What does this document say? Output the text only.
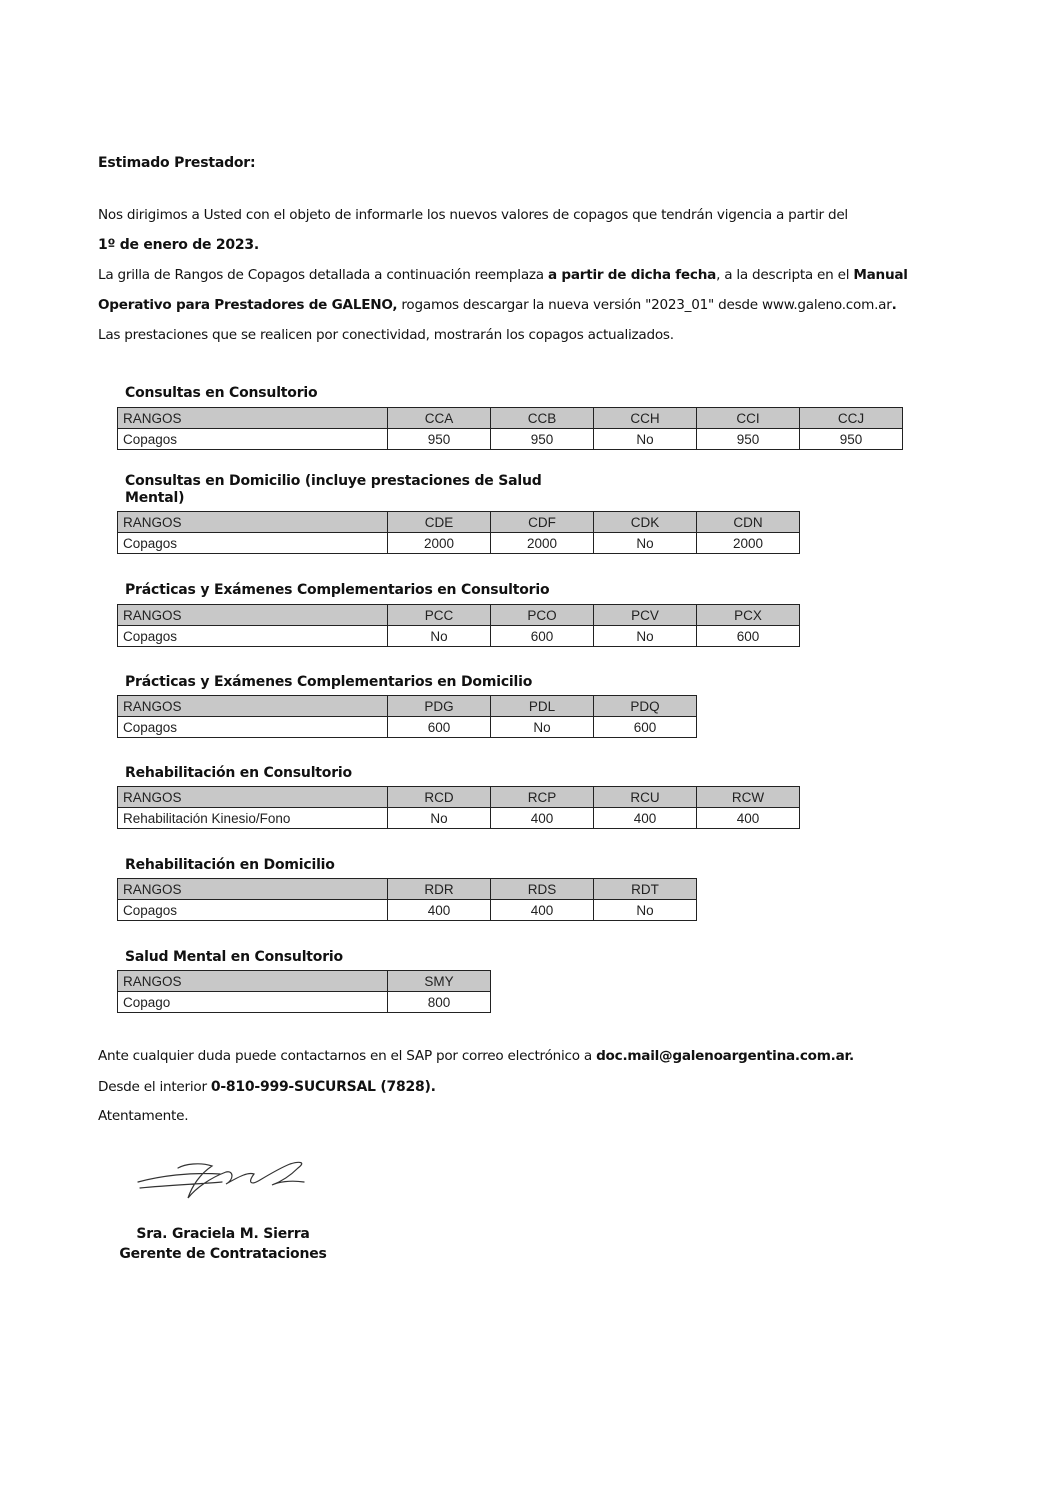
Estimado Prestador:
Nos dirigimos a Usted con el objeto de informarle los nuevos valores de copagos que tendrán vigencia a partir del
1º de enero de 2023.
La grilla de Rangos de Copagos detallada a continuación reemplaza a partir de dicha fecha, a la descripta en el Manual
Operativo para Prestadores de GALENO, rogamos descargar la nueva versión "2023_01" desde www.galeno.com.ar.
Las prestaciones que se realicen por conectividad, mostrarán los copagos actualizados.
Consultas en Consultorio
RANGOS	CCA	CCB	CCH	CCI	CCJ
Copagos	950	950	No	950	950
Consultas en Domicilio (incluye prestaciones de Salud
Mental)
RANGOS	CDE	CDF	CDK	CDN
Copagos	2000	2000	No	2000
Prácticas y Exámenes Complementarios en Consultorio
RANGOS	PCC	PCO	PCV	PCX
Copagos	No	600	No	600
Prácticas y Exámenes Complementarios en Domicilio
RANGOS	PDG	PDL	PDQ
Copagos	600	No	600
Rehabilitación en Consultorio
RANGOS	RCD	RCP	RCU	RCW
Rehabilitación Kinesio/Fono	No	400	400	400
Rehabilitación en Domicilio
RANGOS	RDR	RDS	RDT
Copagos	400	400	No
Salud Mental en Consultorio
RANGOS	SMY
Copago	800
Ante cualquier duda puede contactarnos en el SAP por correo electrónico a doc.mail@galenoargentina.com.ar.
Desde el interior 0-810-999-SUCURSAL (7828).
Atentamente.
Sra. Graciela M. Sierra
Gerente de Contrataciones
